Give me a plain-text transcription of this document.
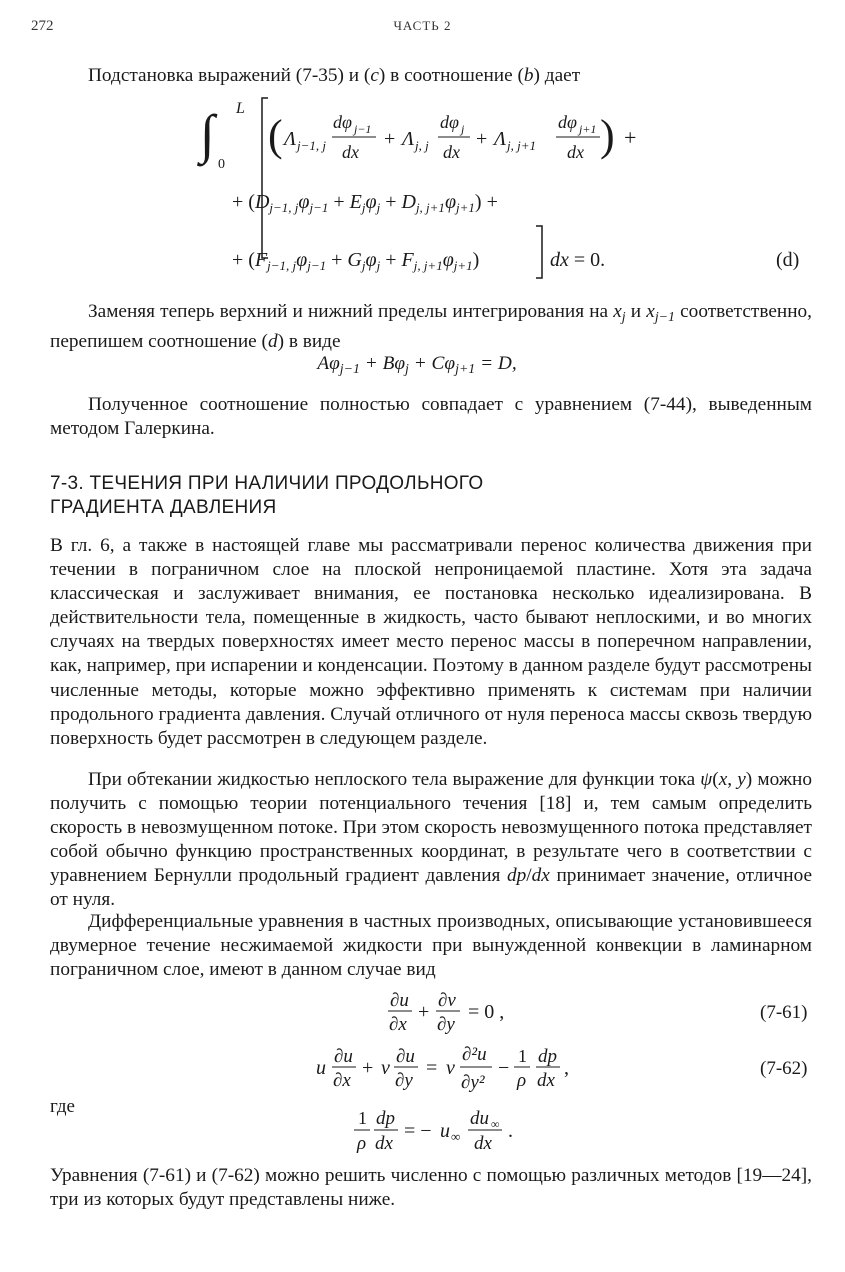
272	ЧАСТЬ 2
Подстановка выражений (7-35) и (c) в соотношение (b) дает
∫ L
0
( Λ j−1, j
dφ j−1
dx
+ Λ j, j
dφ j
dx
+ Λ j, j+1
dφ j+1
dx ) +
+ $(D_{j-1, j}\varphi_{j-1} + E_j\varphi_j + D_{j, j+1}\varphi_{j+1})$ +
+ $(F_{j-1, j}\varphi_{j-1} + G_j\varphi_j + F_{j, j+1}\varphi_{j+1})$	dx = 0.	(d)
Заменяя теперь верхний и нижний пределы интегрирования на $x_j$ и $x_{j-1}$ соответственно, перепишем соотношение (d) в виде
$A\varphi_{j-1} + B\varphi_j + C\varphi_{j+1} = D$,
Полученное соотношение полностью совпадает с уравнением (7-44), выведенным методом Галеркина.
7-3. ТЕЧЕНИЯ ПРИ НАЛИЧИИ ПРОДОЛЬНОГО
ГРАДИЕНТА ДАВЛЕНИЯ
В гл. 6, а также в настоящей главе мы рассматривали перенос количества движения при течении в пограничном слое на плоской непроницаемой пластине. Хотя эта задача классическая и заслуживает внимания, ее постановка несколько идеализирована. В действительности тела, помещенные в жидкость, часто бывают неплоскими, и во многих случаях на твердых поверхностях имеет место перенос массы в поперечном направлении, как, например, при испарении и конденсации. Поэтому в данном разделе будут рассмотрены численные методы, которые можно эффективно применять к системам при наличии продольного градиента давления. Случай отличного от нуля переноса массы сквозь твердую поверхность будет рассмотрен в следующем разделе.
При обтекании жидкостью неплоского тела выражение для функции тока ψ(x, y) можно получить с помощью теории потенциального течения [18] и, тем самым определить скорость в невозмущенном потоке. При этом скорость невозмущенного потока представляет собой обычно функцию пространственных координат, в результате чего в соответствии с уравнением Бернулли продольный градиент давления dp/dx принимает значение, отличное от нуля.
Дифференциальные уравнения в частных производных, описывающие установившееся двумерное течение несжимаемой жидкости при вынужденной конвекции в ламинарном пограничном слое, имеют в данном случае вид
∂u
∂x
+
∂v
∂y
= 0 ,	(7-61)
u
∂u
∂x
+ v
∂u
∂y
= ν
∂²u
∂y²
−
1
ρ
dp
dx
,	(7-62)
где
1
ρ
dp
dx
= − u ∞
du ∞
dx
.
Уравнения (7-61) и (7-62) можно решить численно с помощью различных методов [19—24], три из которых будут представлены ниже.
